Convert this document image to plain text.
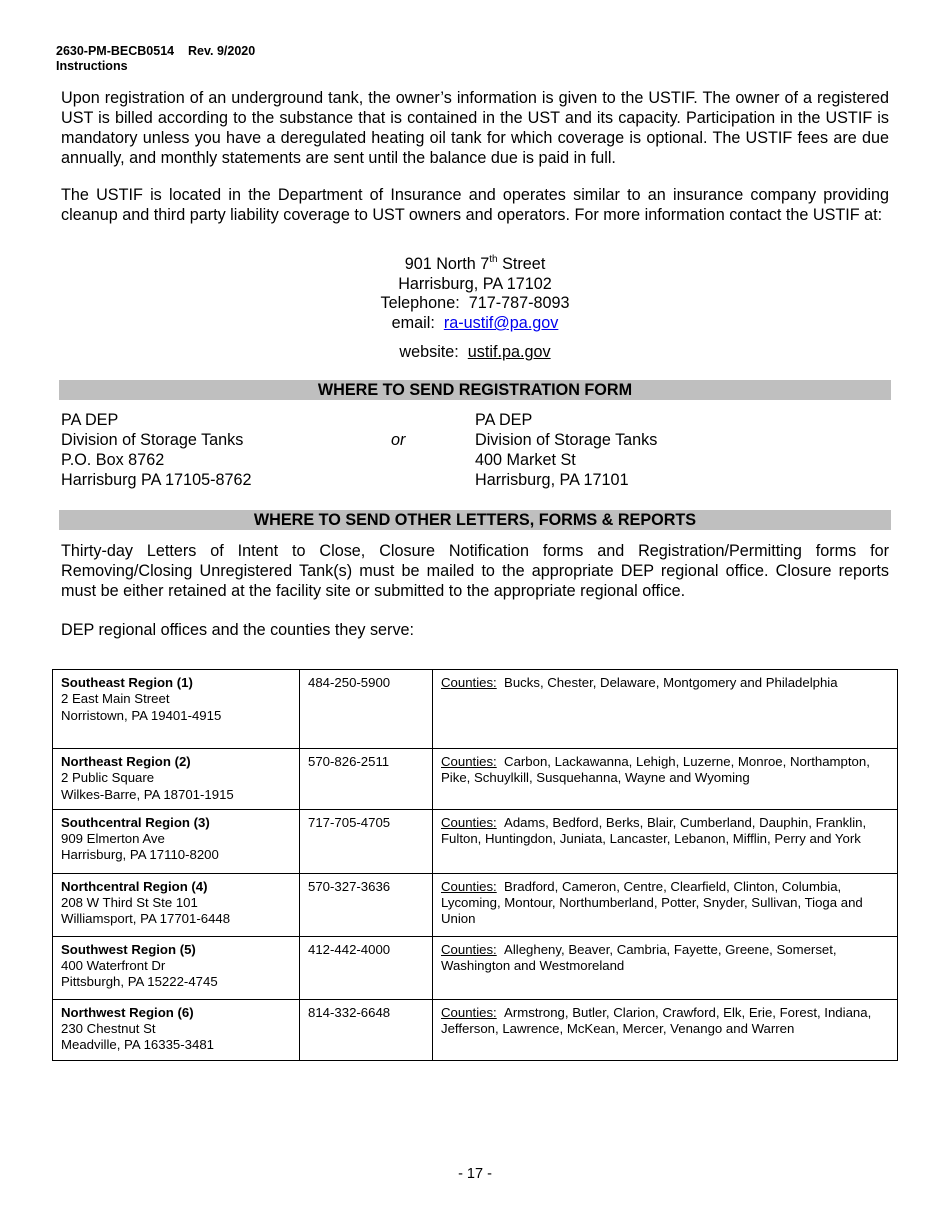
2630-PM-BECB0514 Rev. 9/2020
Instructions
Upon registration of an underground tank, the owner’s information is given to the USTIF. The owner of a registered UST is billed according to the substance that is contained in the UST and its capacity. Participation in the USTIF is mandatory unless you have a deregulated heating oil tank for which coverage is optional. The USTIF fees are due annually, and monthly statements are sent until the balance due is paid in full.
The USTIF is located in the Department of Insurance and operates similar to an insurance company providing cleanup and third party liability coverage to UST owners and operators. For more information contact the USTIF at:
901 North 7th Street
Harrisburg, PA 17102
Telephone: 717-787-8093
email: ra-ustif@pa.gov
website: ustif.pa.gov
WHERE TO SEND REGISTRATION FORM
PA DEP
Division of Storage Tanks
P.O. Box 8762
Harrisburg PA 17105-8762
or
PA DEP
Division of Storage Tanks
400 Market St
Harrisburg, PA 17101
WHERE TO SEND OTHER LETTERS, FORMS & REPORTS
Thirty-day Letters of Intent to Close, Closure Notification forms and Registration/Permitting forms for Removing/Closing Unregistered Tank(s) must be mailed to the appropriate DEP regional office. Closure reports must be either retained at the facility site or submitted to the appropriate regional office.
DEP regional offices and the counties they serve:
Southeast Region (1)
2 East Main Street
Norristown, PA 19401-4915	484-250-5900	Counties: Bucks, Chester, Delaware, Montgomery and Philadelphia

Northeast Region (2)
2 Public Square
Wilkes-Barre, PA 18701-1915	570-826-2511	Counties: Carbon, Lackawanna, Lehigh, Luzerne, Monroe, Northampton, Pike, Schuylkill, Susquehanna, Wayne and Wyoming

Southcentral Region (3)
909 Elmerton Ave
Harrisburg, PA 17110-8200	717-705-4705	Counties: Adams, Bedford, Berks, Blair, Cumberland, Dauphin, Franklin, Fulton, Huntingdon, Juniata, Lancaster, Lebanon, Mifflin, Perry and York

Northcentral Region (4)
208 W Third St Ste 101
Williamsport, PA 17701-6448	570-327-3636	Counties: Bradford, Cameron, Centre, Clearfield, Clinton, Columbia, Lycoming, Montour, Northumberland, Potter, Snyder, Sullivan, Tioga and Union

Southwest Region (5)
400 Waterfront Dr
Pittsburgh, PA 15222-4745	412-442-4000	Counties: Allegheny, Beaver, Cambria, Fayette, Greene, Somerset, Washington and Westmoreland

Northwest Region (6)
230 Chestnut St
Meadville, PA 16335-3481	814-332-6648	Counties: Armstrong, Butler, Clarion, Crawford, Elk, Erie, Forest, Indiana, Jefferson, Lawrence, McKean, Mercer, Venango and Warren
- 17 -
